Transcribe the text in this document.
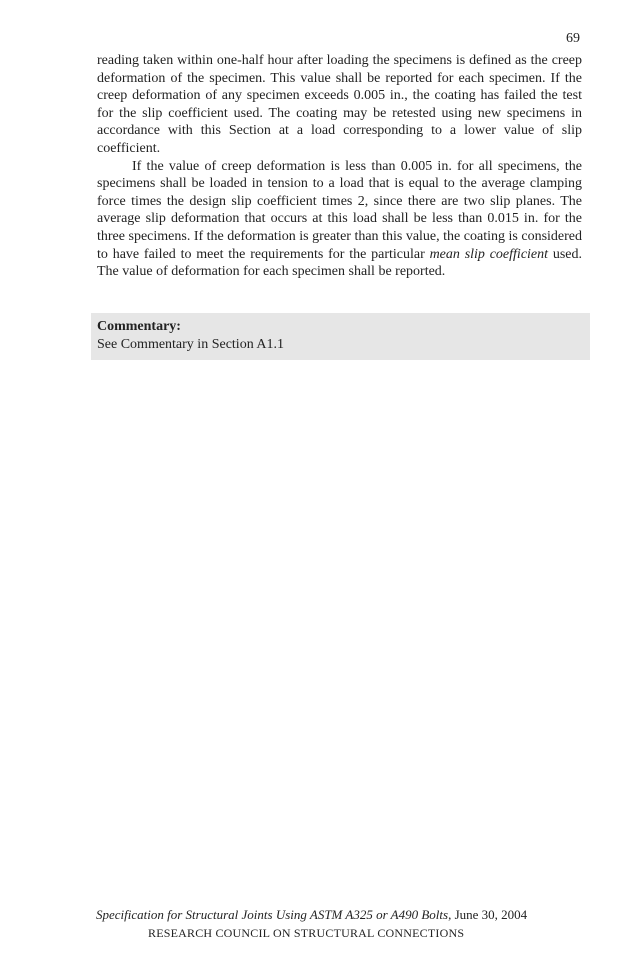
69

reading taken within one-half hour after loading the specimens is defined as the creep deformation of the specimen. This value shall be reported for each specimen. If the creep deformation of any specimen exceeds 0.005 in., the coating has failed the test for the slip coefficient used. The coating may be retested using new specimens in accordance with this Section at a load corresponding to a lower value of slip coefficient.

If the value of creep deformation is less than 0.005 in. for all specimens, the specimens shall be loaded in tension to a load that is equal to the average clamping force times the design slip coefficient times 2, since there are two slip planes. The average slip deformation that occurs at this load shall be less than 0.015 in. for the three specimens. If the deformation is greater than this value, the coating is considered to have failed to meet the requirements for the particular mean slip coefficient used. The value of deformation for each specimen shall be reported.

Commentary:
See Commentary in Section A1.1
Specification for Structural Joints Using ASTM A325 or A490 Bolts, June 30, 2004
RESEARCH COUNCIL ON STRUCTURAL CONNECTIONS
